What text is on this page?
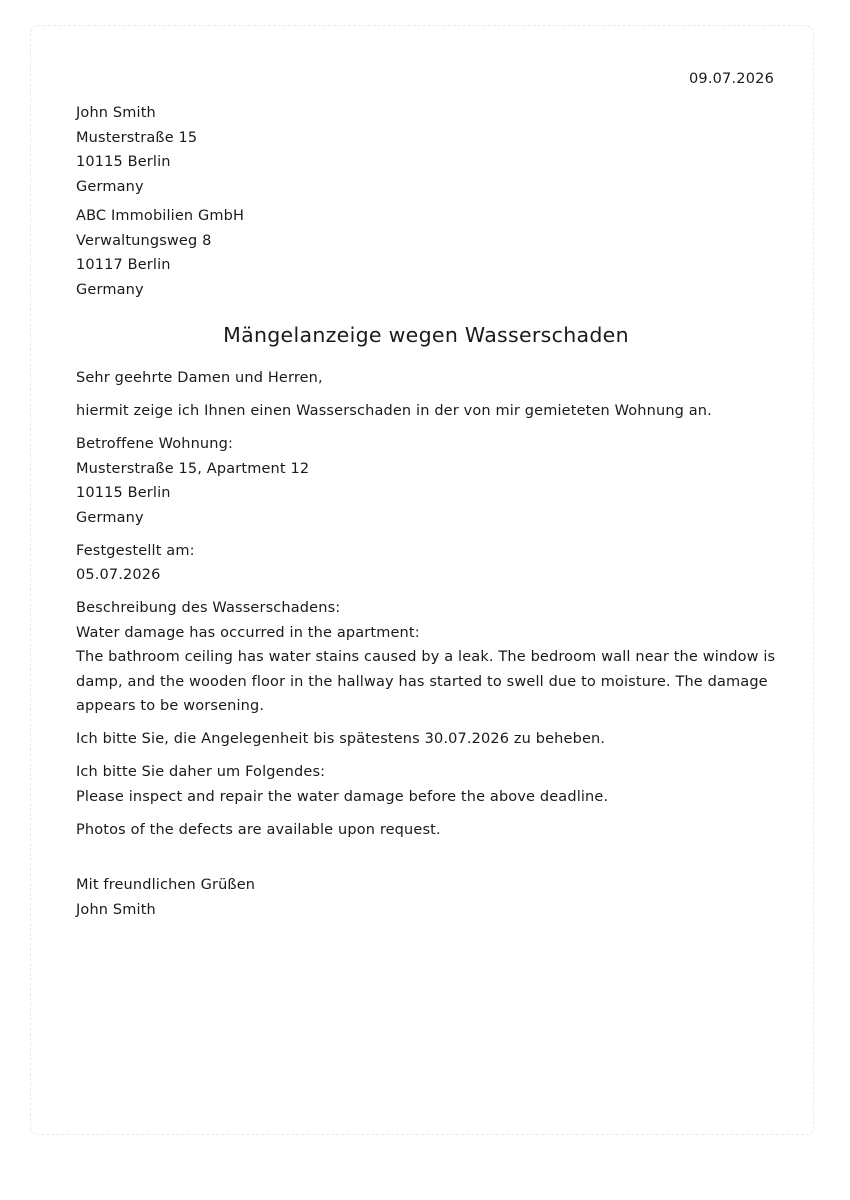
09.07.2026
John Smith
Musterstraße 15
10115 Berlin
Germany
ABC Immobilien GmbH
Verwaltungsweg 8
10117 Berlin
Germany
Mängelanzeige wegen Wasserschaden
Sehr geehrte Damen und Herren,
hiermit zeige ich Ihnen einen Wasserschaden in der von mir gemieteten Wohnung an.
Betroffene Wohnung:
Musterstraße 15, Apartment 12
10115 Berlin
Germany
Festgestellt am:
05.07.2026
Beschreibung des Wasserschadens:
Water damage has occurred in the apartment:
The bathroom ceiling has water stains caused by a leak. The bedroom wall near the window is damp, and the wooden floor in the hallway has started to swell due to moisture. The damage appears to be worsening.
Ich bitte Sie, die Angelegenheit bis spätestens 30.07.2026 zu beheben.
Ich bitte Sie daher um Folgendes:
Please inspect and repair the water damage before the above deadline.
Photos of the defects are available upon request.
Mit freundlichen Grüßen
John Smith
